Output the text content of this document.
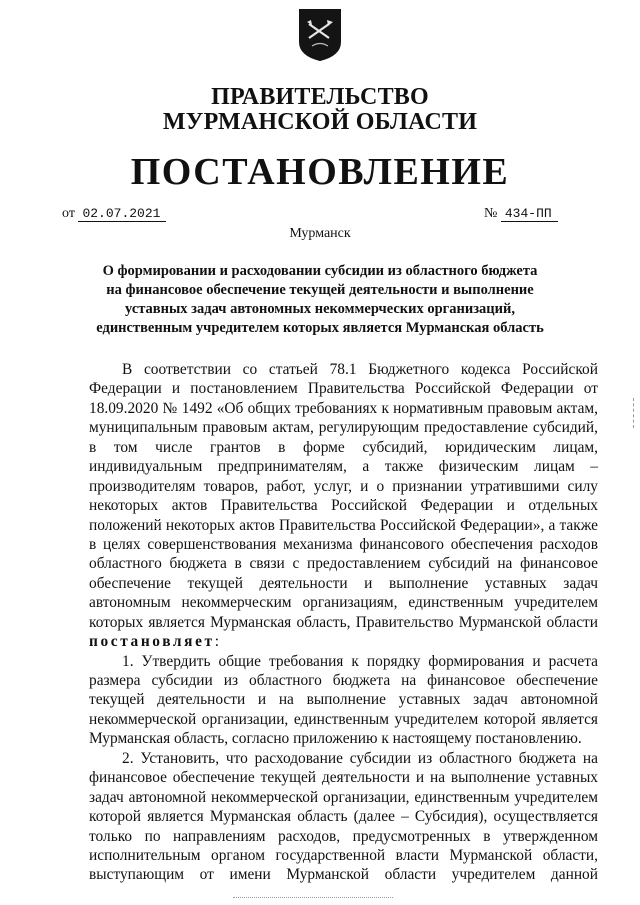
ПРАВИТЕЛЬСТВО
МУРМАНСКОЙ ОБЛАСТИ
ПОСТАНОВЛЕНИЕ
от 02.07.2021	№ 434-ПП
Мурманск
О формировании и расходовании субсидии из областного бюджета
на финансовое обеспечение текущей деятельности и выполнение
уставных задач автономных некоммерческих организаций,
единственным учредителем которых является Мурманская область
В соответствии со статьей 78.1 Бюджетного кодекса Российской
Федерации и постановлением Правительства Российской Федерации от
18.09.2020 № 1492 «Об общих требованиях к нормативным правовым актам,
муниципальным правовым актам, регулирующим предоставление субсидий,
в том числе грантов в форме субсидий, юридическим лицам,
индивидуальным предпринимателям, а также физическим лицам –
производителям товаров, работ, услуг, и о признании утратившими силу
некоторых актов Правительства Российской Федерации и отдельных
положений некоторых актов Правительства Российской Федерации», а также
в целях совершенствования механизма финансового обеспечения расходов
областного бюджета в связи с предоставлением субсидий на финансовое
обеспечение текущей деятельности и выполнение уставных задач
автономным некоммерческим организациям, единственным учредителем
которых является Мурманская область, Правительство Мурманской области
постановляет:
1. Утвердить общие требования к порядку формирования и расчета
размера субсидии из областного бюджета на финансовое обеспечение
текущей деятельности и на выполнение уставных задач автономной
некоммерческой организации, единственным учредителем которой является
Мурманская область, согласно приложению к настоящему постановлению.
2. Установить, что расходование субсидии из областного бюджета на
финансовое обеспечение текущей деятельности и на выполнение уставных
задач автономной некоммерческой организации, единственным учредителем
которой является Мурманская область (далее – Субсидия), осуществляется
только по направлениям расходов, предусмотренных в утвержденном
исполнительным органом государственной власти Мурманской области,
выступающим от имени Мурманской области учредителем данной
